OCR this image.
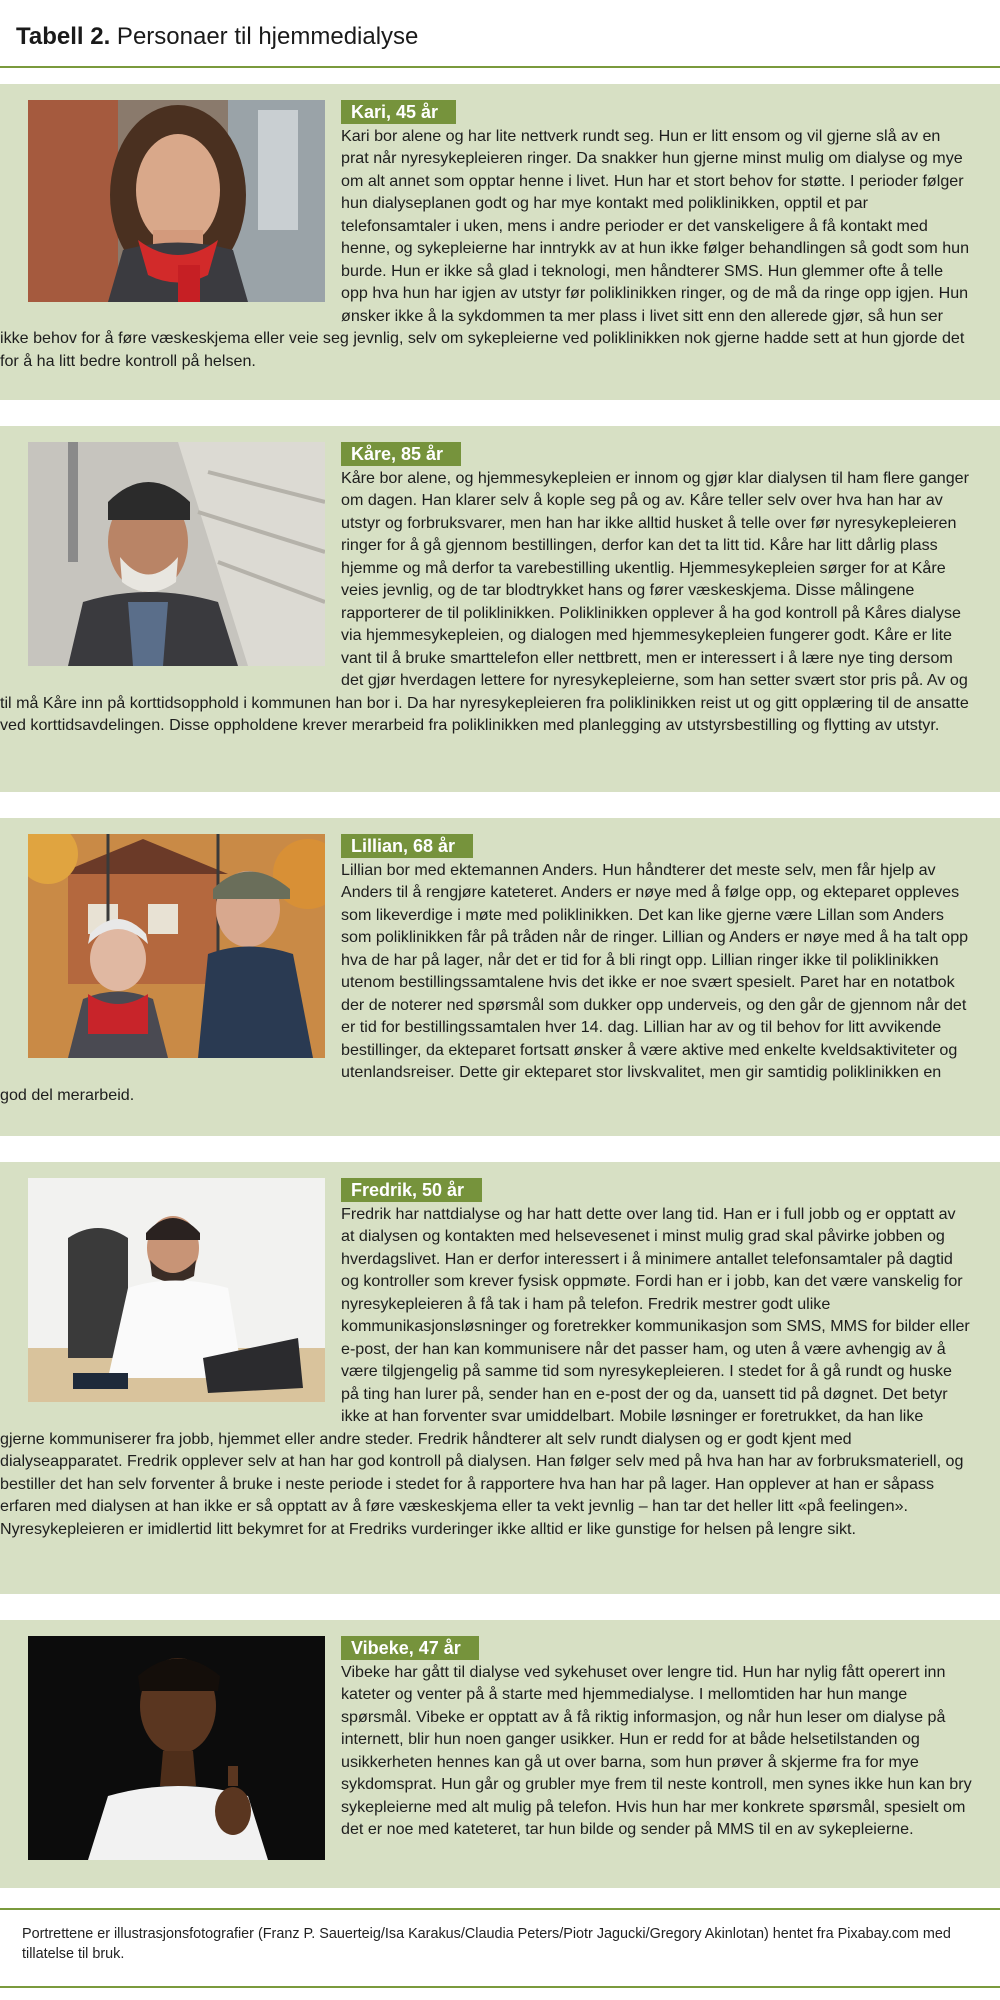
Tabell 2. Personaer til hjemmedialyse
Kari, 45 år

Kari bor alene og har lite nettverk rundt seg. Hun er litt ensom og vil gjerne slå av en prat når nyresykepleieren ringer. Da snakker hun gjerne minst mulig om dialyse og mye om alt annet som opptar henne i livet. Hun har et stort behov for støtte. I perioder følger hun dialyseplanen godt og har mye kontakt med poliklinikken, opptil et par telefonsamtaler i uken, mens i andre perioder er det vanskeligere å få kontakt med henne, og sykepleierne har inntrykk av at hun ikke følger behandlingen så godt som hun burde. Hun er ikke så glad i teknologi, men håndterer SMS. Hun glemmer ofte å telle opp hva hun har igjen av utstyr før poliklinikken ringer, og de må da ringe opp igjen. Hun ønsker ikke å la sykdommen ta mer plass i livet sitt enn den allerede gjør, så hun ser ikke behov for å føre væskeskjema eller veie seg jevnlig, selv om sykepleierne ved poliklinikken nok gjerne hadde sett at hun gjorde det for å ha litt bedre kontroll på helsen.

Kåre, 85 år

Kåre bor alene, og hjemmesykepleien er innom og gjør klar dialysen til ham flere ganger om dagen. Han klarer selv å kople seg på og av. Kåre teller selv over hva han har av utstyr og forbruksvarer, men han har ikke alltid husket å telle over før nyresykepleieren ringer for å gå gjennom bestillingen, derfor kan det ta litt tid. Kåre har litt dårlig plass hjemme og må derfor ta varebestilling ukentlig. Hjemmesykepleien sørger for at Kåre veies jevnlig, og de tar blodtrykket hans og fører væskeskjema. Disse målingene rapporterer de til poliklinikken. Poliklinikken opplever å ha god kontroll på Kåres dialyse via hjemmesykepleien, og dialogen med hjemmesykepleien fungerer godt. Kåre er lite vant til å bruke smarttelefon eller nettbrett, men er interessert i å lære nye ting dersom det gjør hverdagen lettere for nyresykepleierne, som han setter svært stor pris på. Av og til må Kåre inn på korttidsopphold i kommunen han bor i. Da har nyresykepleieren fra poliklinikken reist ut og gitt opplæring til de ansatte ved korttidsavdelingen. Disse oppholdene krever merarbeid fra poliklinikken med planlegging av utstyrsbestilling og flytting av utstyr.

Lillian, 68 år

Lillian bor med ektemannen Anders. Hun håndterer det meste selv, men får hjelp av Anders til å rengjøre kateteret. Anders er nøye med å følge opp, og ekteparet oppleves som likeverdige i møte med poliklinikken. Det kan like gjerne være Lillan som Anders som poliklinikken får på tråden når de ringer. Lillian og Anders er nøye med å ha talt opp hva de har på lager, når det er tid for å bli ringt opp. Lillian ringer ikke til poliklinikken utenom bestillingssamtalene hvis det ikke er noe svært spesielt. Paret har en notatbok der de noterer ned spørsmål som dukker opp underveis, og den går de gjennom når det er tid for bestillingssamtalen hver 14. dag. Lillian har av og til behov for litt avvikende bestillinger, da ekteparet fortsatt ønsker å være aktive med enkelte kveldsaktiviteter og utenlandsreiser. Dette gir ekteparet stor livskvalitet, men gir samtidig poliklinikken en god del merarbeid.

Fredrik, 50 år

Fredrik har nattdialyse og har hatt dette over lang tid. Han er i full jobb og er opptatt av at dialysen og kontakten med helsevesenet i minst mulig grad skal påvirke jobben og hverdagslivet. Han er derfor interessert i å minimere antallet telefonsamtaler på dagtid og kontroller som krever fysisk oppmøte. Fordi han er i jobb, kan det være vanskelig for nyresykepleieren å få tak i ham på telefon. Fredrik mestrer godt ulike kommunikasjonsløsninger og foretrekker kommunikasjon som SMS, MMS for bilder eller e-post, der han kan kommunisere når det passer ham, og uten å være avhengig av å være tilgjengelig på samme tid som nyresykepleieren. I stedet for å gå rundt og huske på ting han lurer på, sender han en e-post der og da, uansett tid på døgnet. Det betyr ikke at han forventer svar umiddelbart. Mobile løsninger er foretrukket, da han like gjerne kommuniserer fra jobb, hjemmet eller andre steder. Fredrik håndterer alt selv rundt dialysen og er godt kjent med dialyseapparatet. Fredrik opplever selv at han har god kontroll på dialysen. Han følger selv med på hva han har av forbruksmateriell, og bestiller det han selv forventer å bruke i neste periode i stedet for å rapportere hva han har på lager. Han opplever at han er såpass erfaren med dialysen at han ikke er så opptatt av å føre væskeskjema eller ta vekt jevnlig – han tar det heller litt «på feelingen». Nyresykepleieren er imidlertid litt bekymret for at Fredriks vurderinger ikke alltid er like gunstige for helsen på lengre sikt.

Vibeke, 47 år

Vibeke har gått til dialyse ved sykehuset over lengre tid. Hun har nylig fått operert inn kateter og venter på å starte med hjemmedialyse. I mellomtiden har hun mange spørsmål. Vibeke er opptatt av å få riktig informasjon, og når hun leser om dialyse på internett, blir hun noen ganger usikker. Hun er redd for at både helsetilstanden og usikkerheten hennes kan gå ut over barna, som hun prøver å skjerme fra for mye sykdomsprat. Hun går og grubler mye frem til neste kontroll, men synes ikke hun kan bry sykepleierne med alt mulig på telefon. Hvis hun har mer konkrete spørsmål, spesielt om det er noe med kateteret, tar hun bilde og sender på MMS til en av sykepleierne.

Portrettene er illustrasjonsfotografier (Franz P. Sauerteig/Isa Karakus/Claudia Peters/Piotr Jagucki/Gregory Akinlotan) hentet fra Pixabay.com med tillatelse til bruk.
